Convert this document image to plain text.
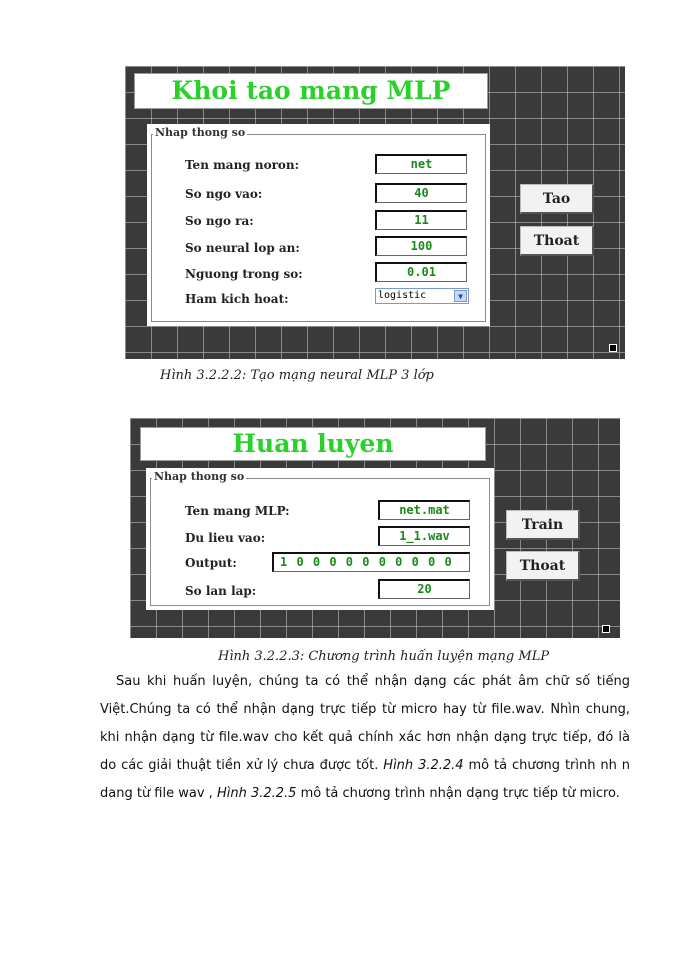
Khoi tao mang MLP
Nhap thong so
Ten mang noron:	net
So ngo vao:	40
So ngo ra:	11
So neural lop an:	100
Nguong trong so:	0.01
Ham kich hoat:	logistic	▼
Tao
Thoat
Hình 3.2.2.2: Tạo mạng neural MLP 3 lớp
Huan luyen
Nhap thong so
Ten mang MLP:	net.mat
Du lieu vao:	1_1.wav
Output:	1 0 0 0 0 0 0 0 0 0 0
So lan lap:	20
Train
Thoat
Hình 3.2.2.3: Chương trình huấn luyện mạng MLP

Sau khi huấn luyện, chúng ta có thể nhận dạng các phát âm chữ số tiếng Việt.Chúng ta có thể nhận dạng trực tiếp từ micro hay từ file.wav. Nhìn chung, khi nhận dạng từ file.wav cho kết quả chính xác hơn nhận dạng trực tiếp, đó là do các giải thuật tiền xử lý chưa được tốt. Hình 3.2.2.4 mô tả chương trình nh n dang từ file wav , Hình 3.2.2.5 mô tả chương trình nhận dạng trực tiếp từ micro.
